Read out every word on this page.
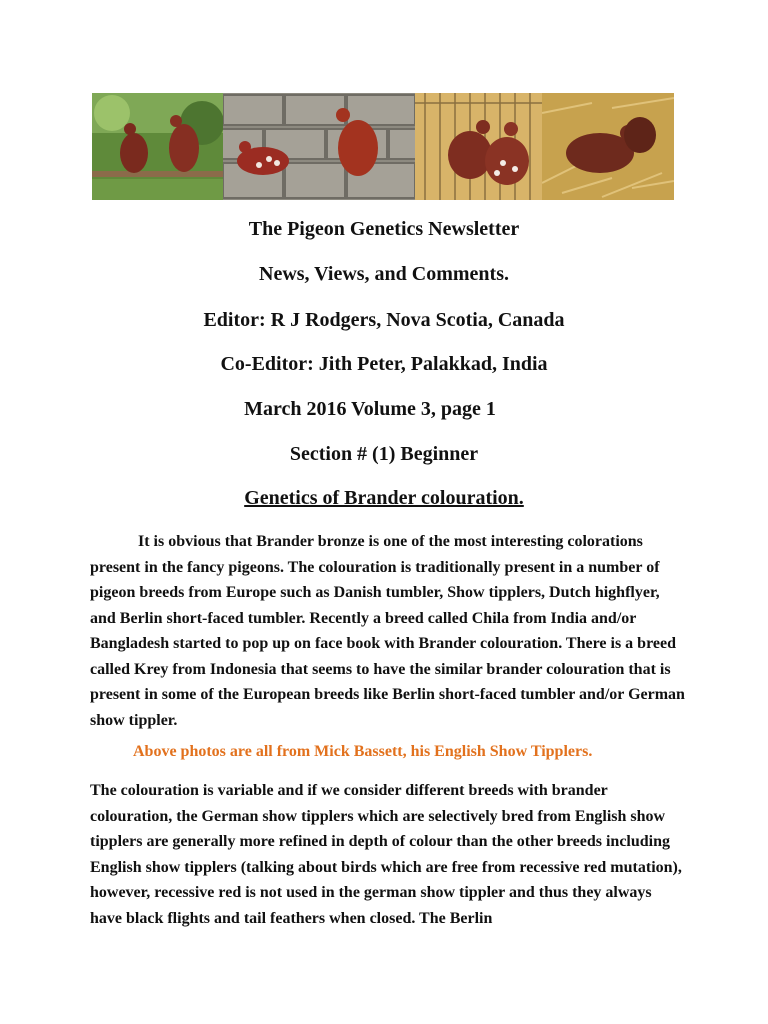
The Pigeon Genetics Newsletter
News, Views, and Comments.
Editor: R J Rodgers, Nova Scotia, Canada
Co-Editor: Jith Peter, Palakkad, India
March 2016 Volume 3, page 1
Section # (1) Beginner
Genetics of Brander colouration.

It is obvious that Brander bronze is one of the most interesting colorations present in the fancy pigeons. The colouration is traditionally present in a number of pigeon breeds from Europe such as Danish tumbler, Show tipplers, Dutch highflyer, and Berlin short-faced tumbler. Recently a breed called Chila from India and/or Bangladesh started to pop up on face book with Brander colouration. There is a breed called Krey from Indonesia that seems to have the similar brander colouration that is present in some of the European breeds like Berlin short-faced tumbler and/or German show tippler.

Above photos are all from Mick Bassett, his English Show Tipplers.

The colouration is variable and if we consider different breeds with brander colouration, the German show tipplers which are selectively bred from English show tipplers are generally more refined in depth of colour than the other breeds including English show tipplers (talking about birds which are free from recessive red mutation), however, recessive red is not used in the german show tippler and thus they always have black flights and tail feathers when closed. The Berlin
